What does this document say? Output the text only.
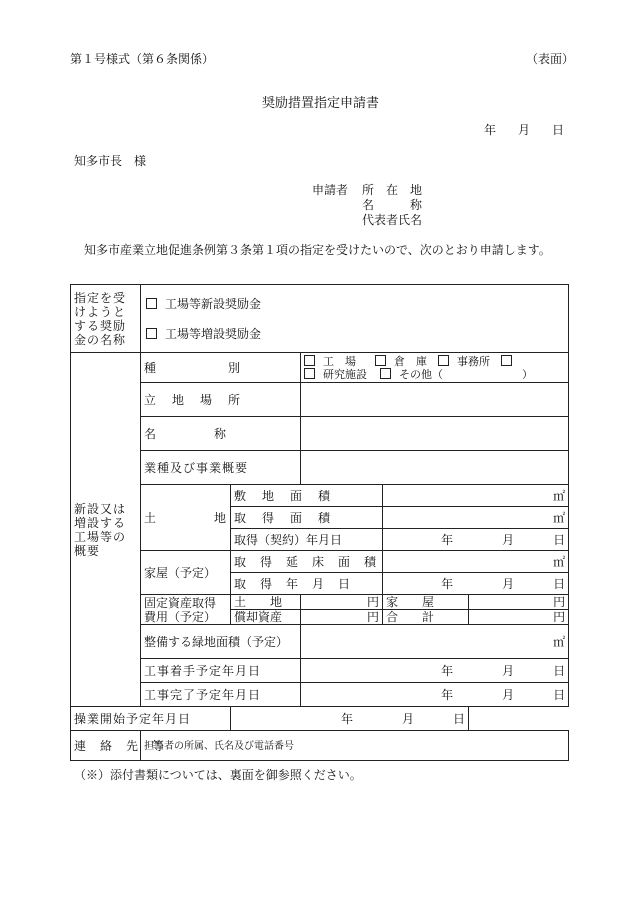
第１号様式（第６条関係）	（表面）
奨励措置指定申請書
年 月 日
知多市長　様
申請者 所　在　地
名　　　称
代表者氏名
知多市産業立地促進条例第３条第１項の指定を受けたいので、次のとおり申請します。
指定を受けようとする奨励金の名称	工場等新設奨励金
工場等増設奨励金				

新設又は増設する工場等の概要	種　　　　　別		工　場 倉　庫 事務所
研究施設 その他（ ）		

	立　地　場　所				
	名　　　　称				
	業種及び事業概要				
	土　　　　地	敷　地　面　積		㎡	
		取　得　面　積		㎡	
		取得（契約）年月日		年 月 日	

	家屋（予定）	取　得　延　床　面　積		㎡	
		取　得　年　月　日		年 月 日	

	固定資産取得費用（予定）	土　　地	円	家　　屋	円
		償却資産	円	合　　計	円
	整備する緑地面積（予定）		㎡		
	工事着手予定年月日		年 月 日		

	工事完了予定年月日		年 月 日		

操業開始予定年月日		年 月 日			

連　絡　先　等	担当者の所属、氏名及び電話番号				
（※）添付書類については、裏面を御参照ください。
